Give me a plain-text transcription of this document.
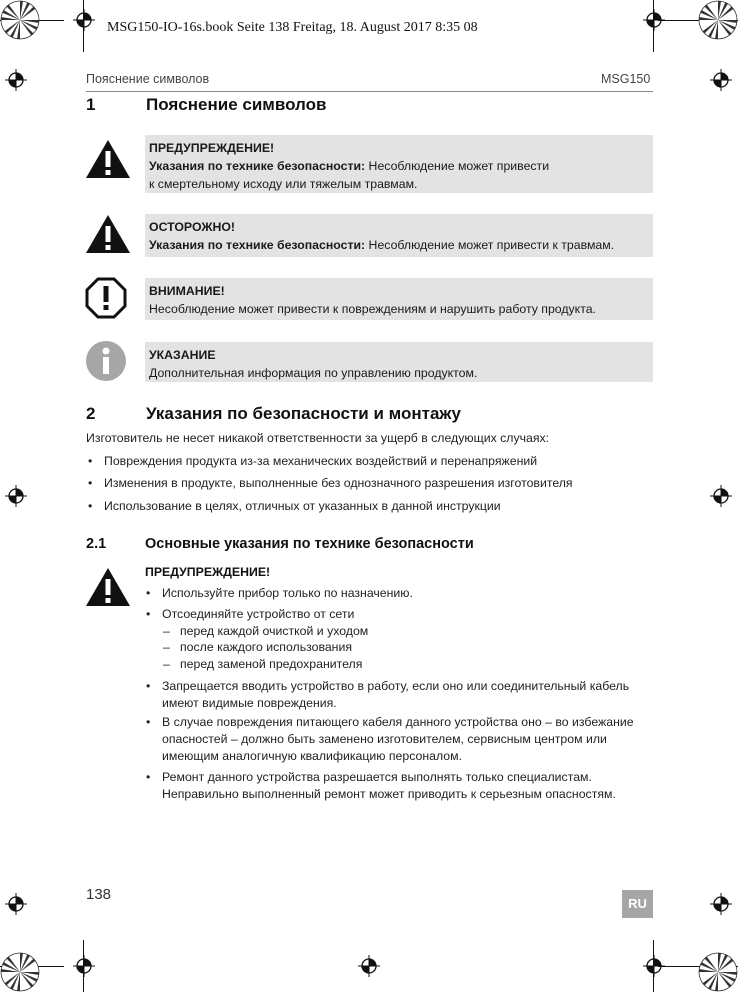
MSG150-IO-16s.book Seite 138 Freitag, 18. August 2017 8:35 08
Пояснение символов	MSG150
1	Пояснение символов
ПРЕДУПРЕЖДЕНИЕ!
Указания по технике безопасности: Несоблюдение может привести
к смертельному исходу или тяжелым травмам.
ОСТОРОЖНО!
Указания по технике безопасности: Несоблюдение может привести к травмам.
ВНИМАНИЕ!
Несоблюдение может привести к повреждениям и нарушить работу продукта.
УКАЗАНИЕ
Дополнительная информация по управлению продуктом.
2	Указания по безопасности и монтажу
Изготовитель не несет никакой ответственности за ущерб в следующих случаях:
• Повреждения продукта из-за механических воздействий и перенапряжений
• Изменения в продукте, выполненные без однозначного разрешения изготовителя
• Использование в целях, отличных от указанных в данной инструкции
2.1	Основные указания по технике безопасности
ПРЕДУПРЕЖДЕНИЕ!
• Используйте прибор только по назначению.
• Отсоединяйте устройство от сети
– перед каждой очисткой и уходом
– после каждого использования
– перед заменой предохранителя
• Запрещается вводить устройство в работу, если оно или соединительный кабель
имеют видимые повреждения.
• В случае повреждения питающего кабеля данного устройства оно – во избежание
опасностей – должно быть заменено изготовителем, сервисным центром или
имеющим аналогичную квалификацию персоналом.
• Ремонт данного устройства разрешается выполнять только специалистам.
Неправильно выполненный ремонт может приводить к серьезным опасностям.
138
RU
